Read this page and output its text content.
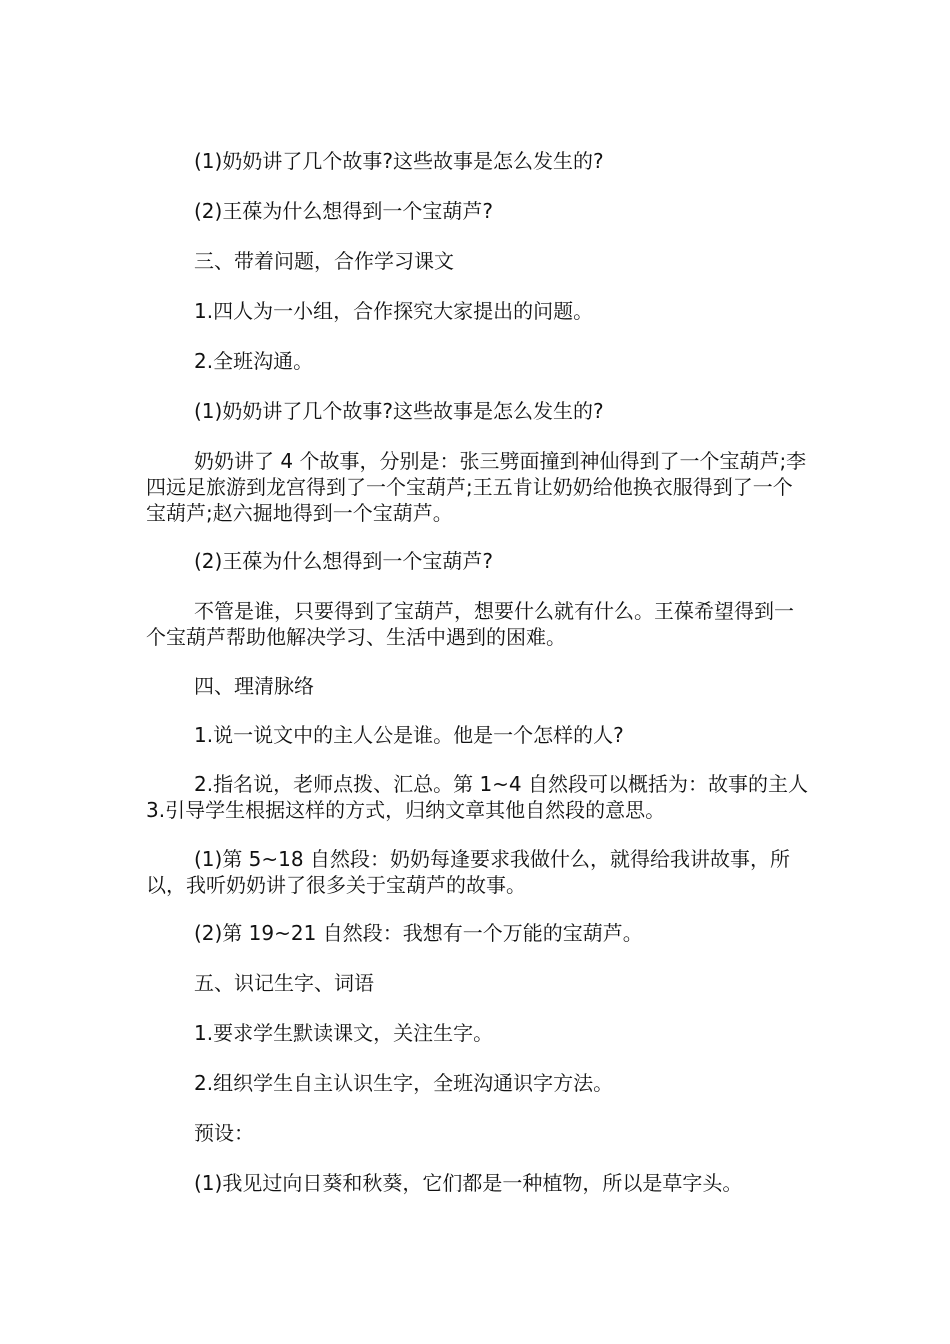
(1)奶奶讲了几个故事?这些故事是怎么发生的?

(2)王葆为什么想得到一个宝葫芦?

三、带着问题，合作学习课文

1.四人为一小组，合作探究大家提出的问题。

2.全班沟通。

(1)奶奶讲了几个故事?这些故事是怎么发生的?

奶奶讲了 4 个故事，分别是：张三劈面撞到神仙得到了一个宝葫芦;李四远足旅游到龙宫得到了一个宝葫芦;王五肯让奶奶给他换衣服得到了一个宝葫芦;赵六掘地得到一个宝葫芦。

(2)王葆为什么想得到一个宝葫芦?

不管是谁，只要得到了宝葫芦，想要什么就有什么。王葆希望得到一个宝葫芦帮助他解决学习、生活中遇到的困难。

四、理清脉络

1.说一说文中的主人公是谁。他是一个怎样的人?

2.指名说，老师点拨、汇总。第 1~4 自然段可以概括为：故事的主人 3.引导学生根据这样的方式，归纳文章其他自然段的意思。

(1)第 5~18 自然段：奶奶每逢要求我做什么，就得给我讲故事，所以，我听奶奶讲了很多关于宝葫芦的故事。

(2)第 19~21 自然段：我想有一个万能的宝葫芦。

五、识记生字、词语

1.要求学生默读课文，关注生字。

2.组织学生自主认识生字，全班沟通识字方法。

预设：

(1)我见过向日葵和秋葵，它们都是一种植物，所以是草字头。
